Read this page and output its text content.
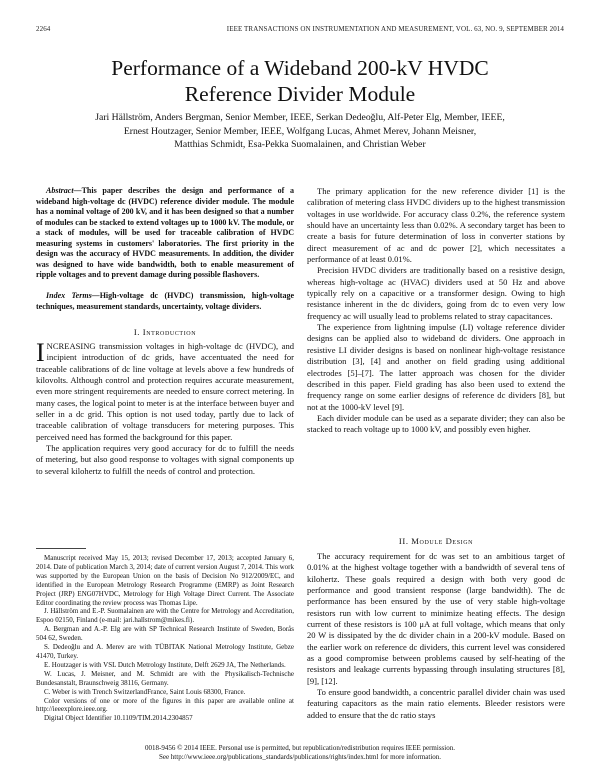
2264	IEEE TRANSACTIONS ON INSTRUMENTATION AND MEASUREMENT, VOL. 63, NO. 9, SEPTEMBER 2014
Performance of a Wideband 200-kV HVDC
Reference Divider Module

Jari Hällström, Anders Bergman, Senior Member, IEEE, Serkan Dedeoğlu, Alf-Peter Elg, Member, IEEE,

Ernest Houtzager, Senior Member, IEEE, Wolfgang Lucas, Ahmet Merev, Johann Meisner,

Matthias Schmidt, Esa-Pekka Suomalainen, and Christian Weber

Abstract—This paper describes the design and performance of a wideband high-voltage dc (HVDC) reference divider module. The module has a nominal voltage of 200 kV, and it has been designed so that a number of modules can be stacked to extend voltages up to 1000 kV. The module, or a stack of modules, will be used for traceable calibration of HVDC measuring systems in customers' laboratories. The first priority in the design was the accuracy of HVDC measurements. In addition, the divider was designed to have wide bandwidth, both to enable measurement of ripple voltages and to prevent damage during possible flashovers.

Index Terms—High-voltage dc (HVDC) transmission, high-voltage techniques, measurement standards, uncertainty, voltage dividers.

I. Introduction

INCREASING transmission voltages in high-voltage dc (HVDC), and incipient introduction of dc grids, have accentuated the need for traceable calibrations of dc line voltage at levels above a few hundreds of kilovolts. Although control and protection requires accurate measurement, even more stringent requirements are needed to ensure correct metering. In many cases, the logical point to meter is at the interface between buyer and seller in a dc grid. This option is not used today, partly due to lack of traceable calibration of voltage transducers for metering purposes. This perceived need has formed the background for this paper.

The application requires very good accuracy for dc to fulfill the needs of metering, but also good response to voltages with signal components up to several kilohertz to fulfill the needs of control and protection.

Manuscript received May 15, 2013; revised December 17, 2013; accepted January 6, 2014. Date of publication March 3, 2014; date of current version August 7, 2014. This work was supported by the European Union on the basis of Decision No 912/2009/EC, and identified in the European Metrology Research Programme (EMRP) as Joint Research Project (JRP) ENG07HVDC, Metrology for High Voltage Direct Current. The Associate Editor coordinating the review process was Thomas Lipe.

J. Hällström and E.-P. Suomalainen are with the Centre for Metrology and Accreditation, Espoo 02150, Finland (e-mail: jari.hallstrom@mikes.fi).

A. Bergman and A.-P. Elg are with SP Technical Research Institute of Sweden, Borås 504 62, Sweden.

S. Dedeoğlu and A. Merev are with TÜBITAK National Metrology Institute, Gebze 41470, Turkey.

E. Houtzager is with VSL Dutch Metrology Institute, Delft 2629 JA, The Netherlands.

W. Lucas, J. Meisner, and M. Schmidt are with the Physikalisch-Technische Bundesanstalt, Braunschweig 38116, Germany.

C. Weber is with Trench SwitzerlandFrance, Saint Louis 68300, France.

Color versions of one or more of the figures in this paper are available online at http://ieeexplore.ieee.org.

Digital Object Identifier 10.1109/TIM.2014.2304857

The primary application for the new reference divider [1] is the calibration of metering class HVDC dividers up to the highest transmission voltages in use worldwide. For accuracy class 0.2%, the reference system should have an uncertainty less than 0.02%. A secondary target has been to create a basis for future determination of loss in converter stations by direct measurement of ac and dc power [2], which necessitates a performance of at least 0.01%.

Precision HVDC dividers are traditionally based on a resistive design, whereas high-voltage ac (HVAC) dividers used at 50 Hz and above typically rely on a capacitive or a transformer design. Owing to high resistance inherent in the dc dividers, going from dc to even very low frequency ac will usually lead to problems related to stray capacitances.

The experience from lightning impulse (LI) voltage reference divider designs can be applied also to wideband dc dividers. One approach in resistive LI divider designs is based on nonlinear high-voltage resistance distribution [3], [4] and another on field grading using additional electrodes [5]–[7]. The latter approach was chosen for the divider described in this paper. Field grading has also been used to extend the frequency range on some earlier designs of reference dc dividers [8], but not at the 1000-kV level [9].

Each divider module can be used as a separate divider; they can also be stacked to reach voltage up to 1000 kV, and possibly even higher.

II. Module Design

The accuracy requirement for dc was set to an ambitious target of 0.01% at the highest voltage together with a bandwidth of several tens of kilohertz. These goals required a design with both very good dc performance and good transient response (large bandwidth). The dc performance has been ensured by the use of very stable high-voltage resistors run with low current to minimize heating effects. The design current of these resistors is 100 μA at full voltage, which means that only 20 W is dissipated by the dc divider chain in a 200-kV module. Based on the earlier work on reference dc dividers, this current level was considered as a good compromise between problems caused by self-heating of the resistors and leakage currents bypassing through insulating structures [8], [9], [12].

To ensure good bandwidth, a concentric parallel divider chain was used featuring capacitors as the main ratio elements. Bleeder resistors were added to ensure that the dc ratio stays

0018-9456 © 2014 IEEE. Personal use is permitted, but republication/redistribution requires IEEE permission.
See http://www.ieee.org/publications_standards/publications/rights/index.html for more information.
